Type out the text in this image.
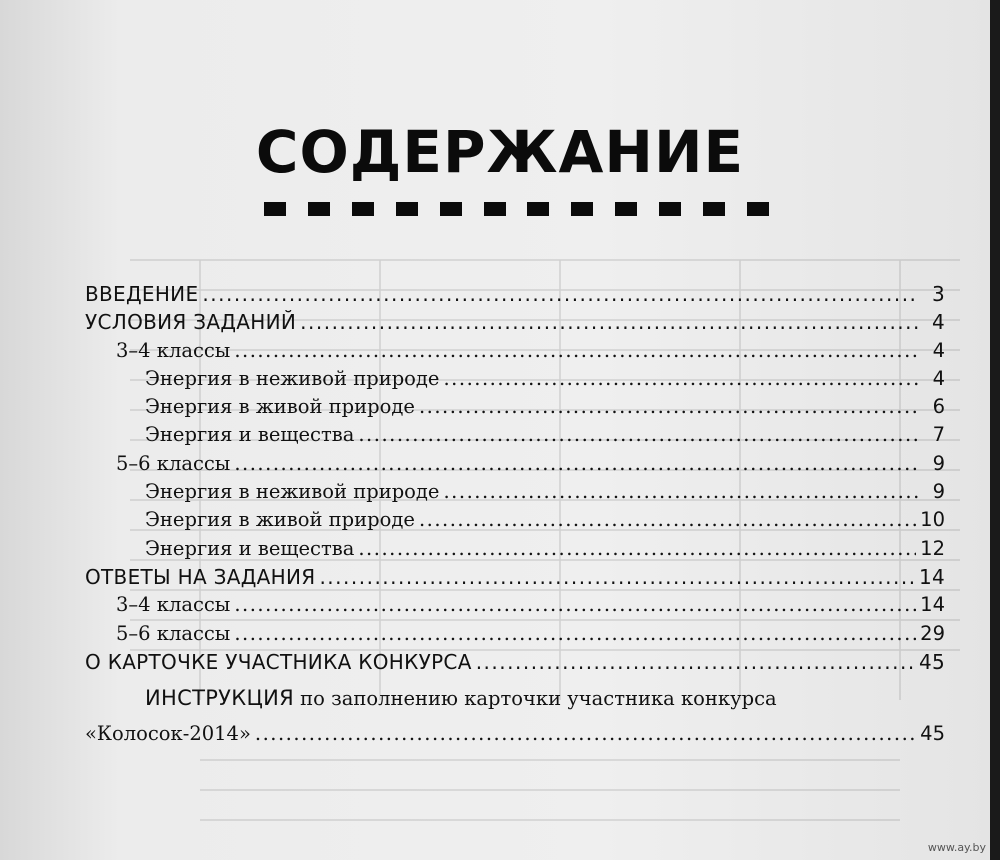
СОДЕРЖАНИЕ
ВВЕДЕНИЕ .....	3
УСЛОВИЯ ЗАДАНИЙ .....	4
3–4 классы .....	4
Энергия в неживой природе .....	4
Энергия в живой природе .....	6
Энергия и вещества .....	7
5–6 классы .....	9
Энергия в неживой природе .....	9
Энергия в живой природе .....	10
Энергия и вещества .....	12
ОТВЕТЫ НА ЗАДАНИЯ .....	14
3–4 классы .....	14
5–6 классы .....	29
О КАРТОЧКЕ УЧАСТНИКА КОНКУРСА .....	45
ИНСТРУКЦИЯ по заполнению карточки участника конкурса
«Колосок-2014» .....	45
www.ay.by
